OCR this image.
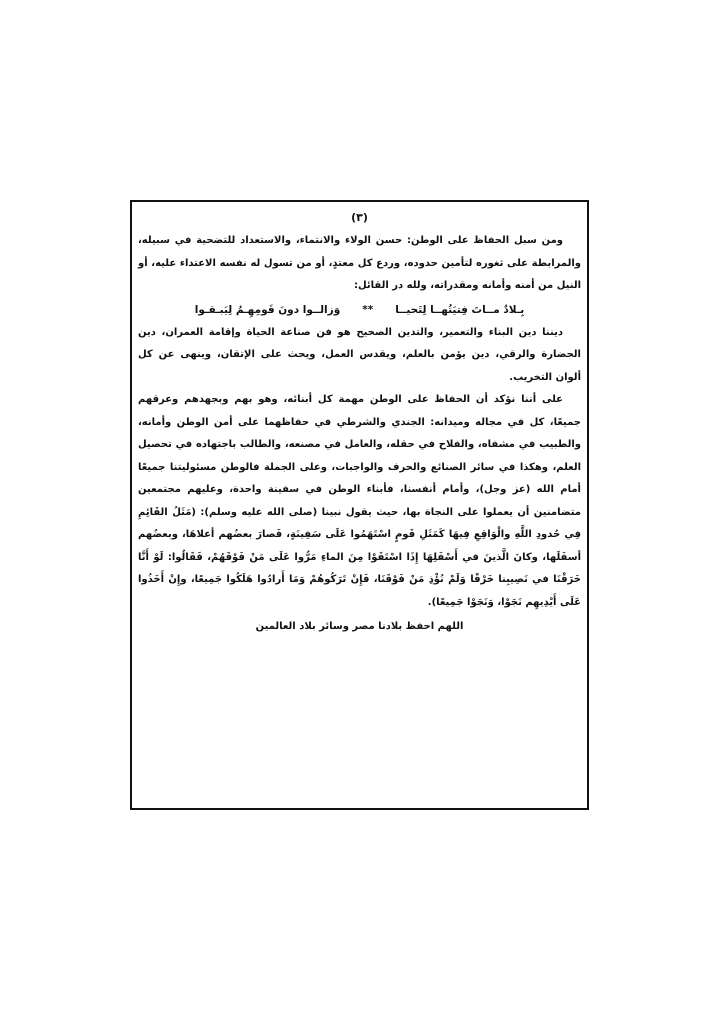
(٣)

ومن سبل الحفاظ على الوطن: حسن الولاء والانتماء، والاستعداد للتضحية في سبيله، والمرابطة على ثغوره لتأمين حدوده، وردع كل معتدٍ، أو من تسول له نفسه الاعتداء عليه، أو النيل من أمنه وأمانه ومقدراته، ولله در القائل:

بِـلادٌ مــاتَ فِتيَتُهــا لِتَحيــا
**
وَزالــوا دونَ قَومِهِـمُ لِيَبـقـوا

ديننا دين البناء والتعمير، والتدين الصحيح هو فن صناعة الحياة وإقامة العمران، دين الحضارة والرقي، دين يؤمن بالعلم، ويقدس العمل، ويحث على الإتقان، وينهى عن كل ألوان التخريب.

على أننا نؤكد أن الحفاظ على الوطن مهمة كل أبنائه، وهو بهم وبجهدهم وعرقهم جميعًا، كل في مجاله وميدانه: الجندي والشرطي في حفاظهما على أمن الوطن وأمانه، والطبيب في مشفاه، والفلاح في حقله، والعامل في مصنعه، والطالب باجتهاده في تحصيل العلم، وهكذا في سائر الصنائع والحرف والواجبات، وعلى الجملة فالوطن مسئوليتنا جميعًا أمام الله (عز وجل)، وأمام أنفسنا، فأبناء الوطن في سفينة واحدة، وعليهم مجتمعين متضامنين أن يعملوا على النجاة بها، حيث يقول نبينا (صلى الله عليه وسلم): (مَثَلُ القَائِمِ فِي حُدودِ اللَّهِ والْوَاقِعِ فِيهَا كَمَثَلِ قَومٍ اسْتَهَمُوا عَلَى سَفِينَةٍ، فَصارَ بعضُهم أعلاهَا، وبعضُهم أسفَلَها، وكانَ الَّذينَ في أَسْفَلِهَا إِذَا اسْتَقَوْا مِنَ الماءِ مَرُّوا عَلَى مَنْ فَوْقَهُمْ، فَقَالُوا: لَوْ أَنَّا خَرَقْنَا في نَصِيبِنا خَرْقًا وَلَمْ نُؤْذِ مَنْ فَوْقَنَا، فَإِنْ تَرَكُوهُمْ وَمَا أَرادُوا هَلَكُوا جَمِيعًا، وإِنْ أَخَذُوا عَلَى أَيْدِيهِم نَجَوْا، وَنَجَوْا جَمِيعًا).

اللهم احفظ بلادنا مصر وسائر بلاد العالمين
